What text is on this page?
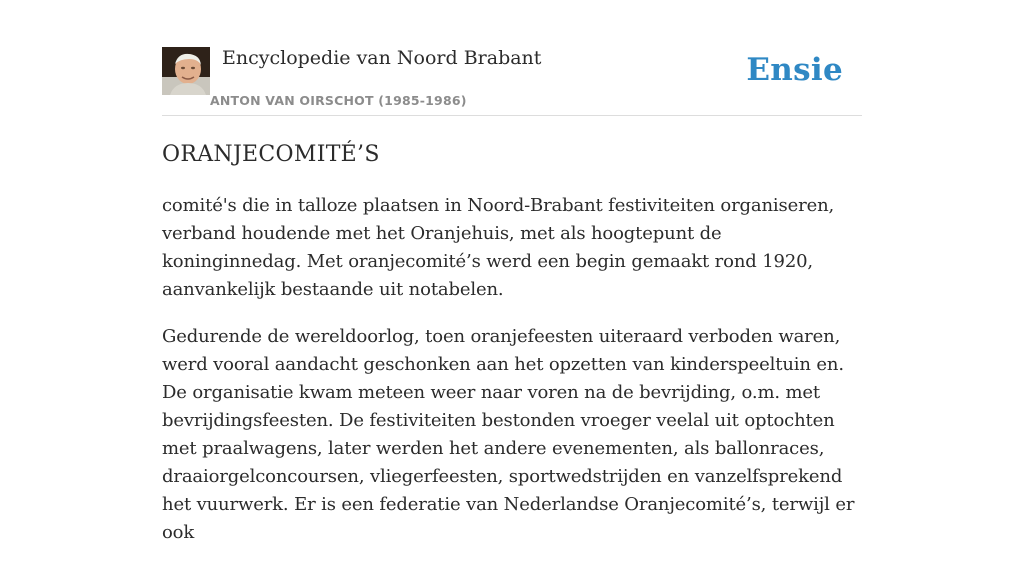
Encyclopedie van Noord Brabant
ANTON VAN OIRSCHOT (1985-1986)
Ensie
ORANJECOMITÉ’S

comité's die in talloze plaatsen in Noord-Brabant festiviteiten organiseren, verband houdende met het Oranjehuis, met als hoogtepunt de koninginnedag. Met oranjecomité’s werd een begin gemaakt rond 1920, aanvankelijk bestaande uit notabelen.

Gedurende de wereldoorlog, toen oranjefeesten uiteraard verboden waren, werd vooral aandacht geschonken aan het opzetten van kinderspeeltuin en. De organisatie kwam meteen weer naar voren na de bevrijding, o.m. met bevrijdingsfeesten. De festiviteiten bestonden vroeger veelal uit optochten met praalwagens, later werden het andere evenementen, als ballonraces, draaiorgelconcoursen, vliegerfeesten, sportwedstrijden en vanzelfsprekend het vuurwerk. Er is een federatie van Nederlandse Oranjecomité’s, terwijl er ook
